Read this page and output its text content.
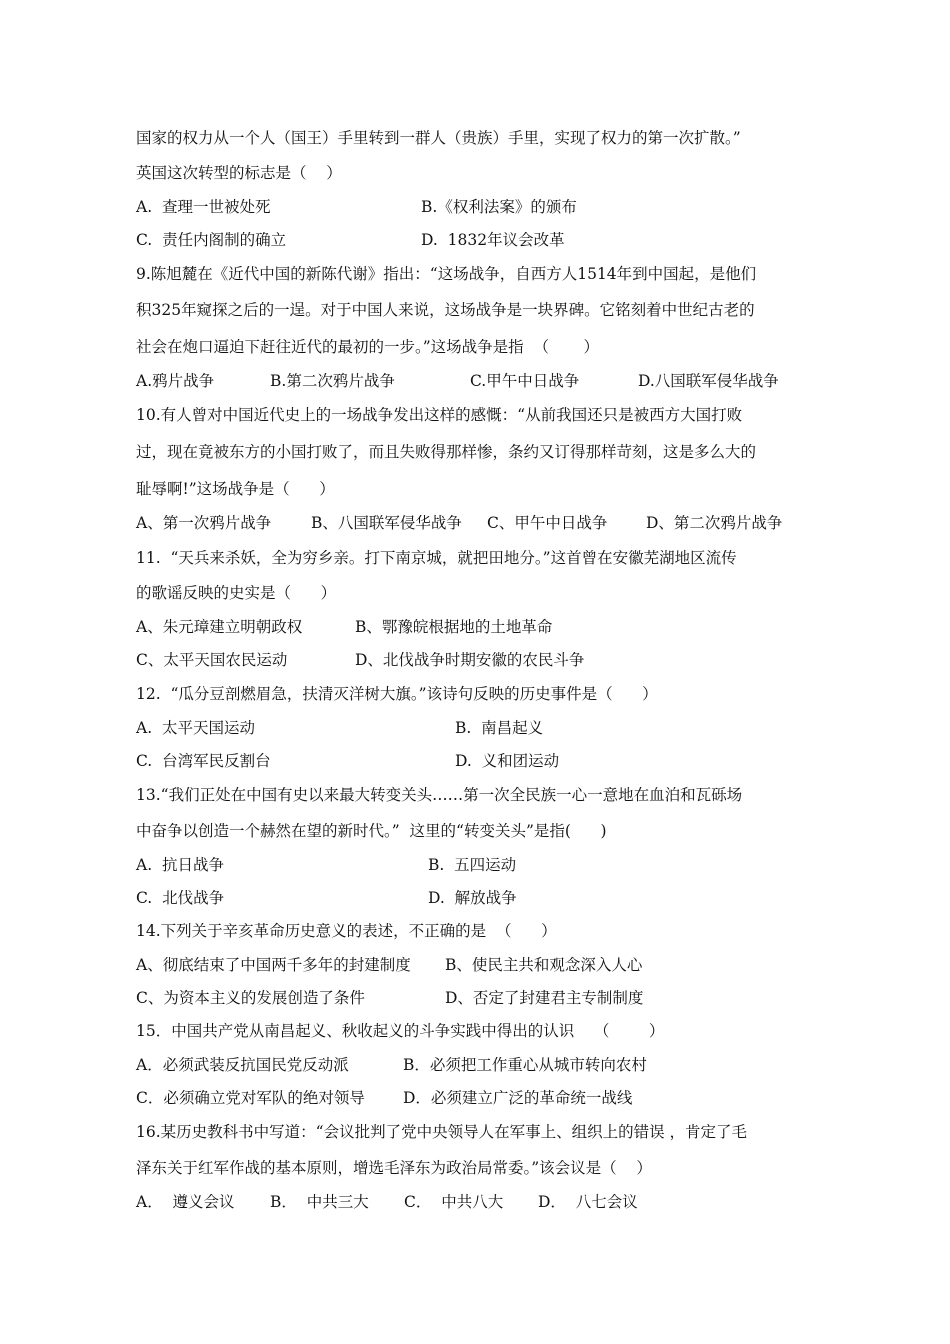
国家的权力从一个人（国王）手里转到一群人（贵族）手里，实现了权力的第一次扩散。”
英国这次转型的标志是（    ）
A.  查理一世被处死	B.《权利法案》的颁布
C.  责任内阁制的确立	D.  1832年议会改革
9.陈旭麓在《近代中国的新陈代谢》指出：“这场战争，自西方人1514年到中国起，是他们
积325年窥探之后的一逞。对于中国人来说，这场战争是一块界碑。它铭刻着中世纪古老的
社会在炮口逼迫下赶往近代的最初的一步。”这场战争是指  （       ）
A.鸦片战争	B.第二次鸦片战争	C.甲午中日战争	D.八国联军侵华战争
10.有人曾对中国近代史上的一场战争发出这样的感慨：“从前我国还只是被西方大国打败
过，现在竟被东方的小国打败了，而且失败得那样惨，条约又订得那样苛刻，这是多么大的
耻辱啊!”这场战争是（      ）
A、第一次鸦片战争	B、八国联军侵华战争 C、甲午中日战争 D、第二次鸦片战争
11.  “天兵来杀妖，全为穷乡亲。打下南京城，就把田地分。”这首曾在安徽芜湖地区流传
的歌谣反映的史实是（      ）
A、朱元璋建立明朝政权	B、鄂豫皖根据地的土地革命
C、太平天国农民运动	D、北伐战争时期安徽的农民斗争
12.  “瓜分豆剖燃眉急，扶清灭洋树大旗。”该诗句反映的历史事件是（      ）
A.  太平天国运动	B.  南昌起义
C.  台湾军民反割台	D.  义和团运动
13.“我们正处在中国有史以来最大转变关头……第一次全民族一心一意地在血泊和瓦砾场
中奋争以创造一个赫然在望的新时代。”  这里的“转变关头”是指(      )
A.  抗日战争	B.  五四运动
C.  北伐战争	D.  解放战争
14.下列关于辛亥革命历史意义的表述，不正确的是  （      ）
A、彻底结束了中国两千多年的封建制度 B、使民主共和观念深入人心
C、为资本主义的发展创造了条件	D、否定了封建君主专制制度
15．中国共产党从南昌起义、秋收起义的斗争实践中得出的认识    （        ）
A．必须武装反抗国民党反动派	B．必须把工作重心从城市转向农村
C．必须确立党对军队的绝对领导 D．必须建立广泛的革命统一战线
16.某历史教科书中写道：“会议批判了党中央领导人在军事上、组织上的错误 ，肯定了毛
泽东关于红军作战的基本原则，增选毛泽东为政治局常委。”该会议是（    ）
A．  遵义会议 B．  中共三大 C．  中共八大 D．  八七会议
